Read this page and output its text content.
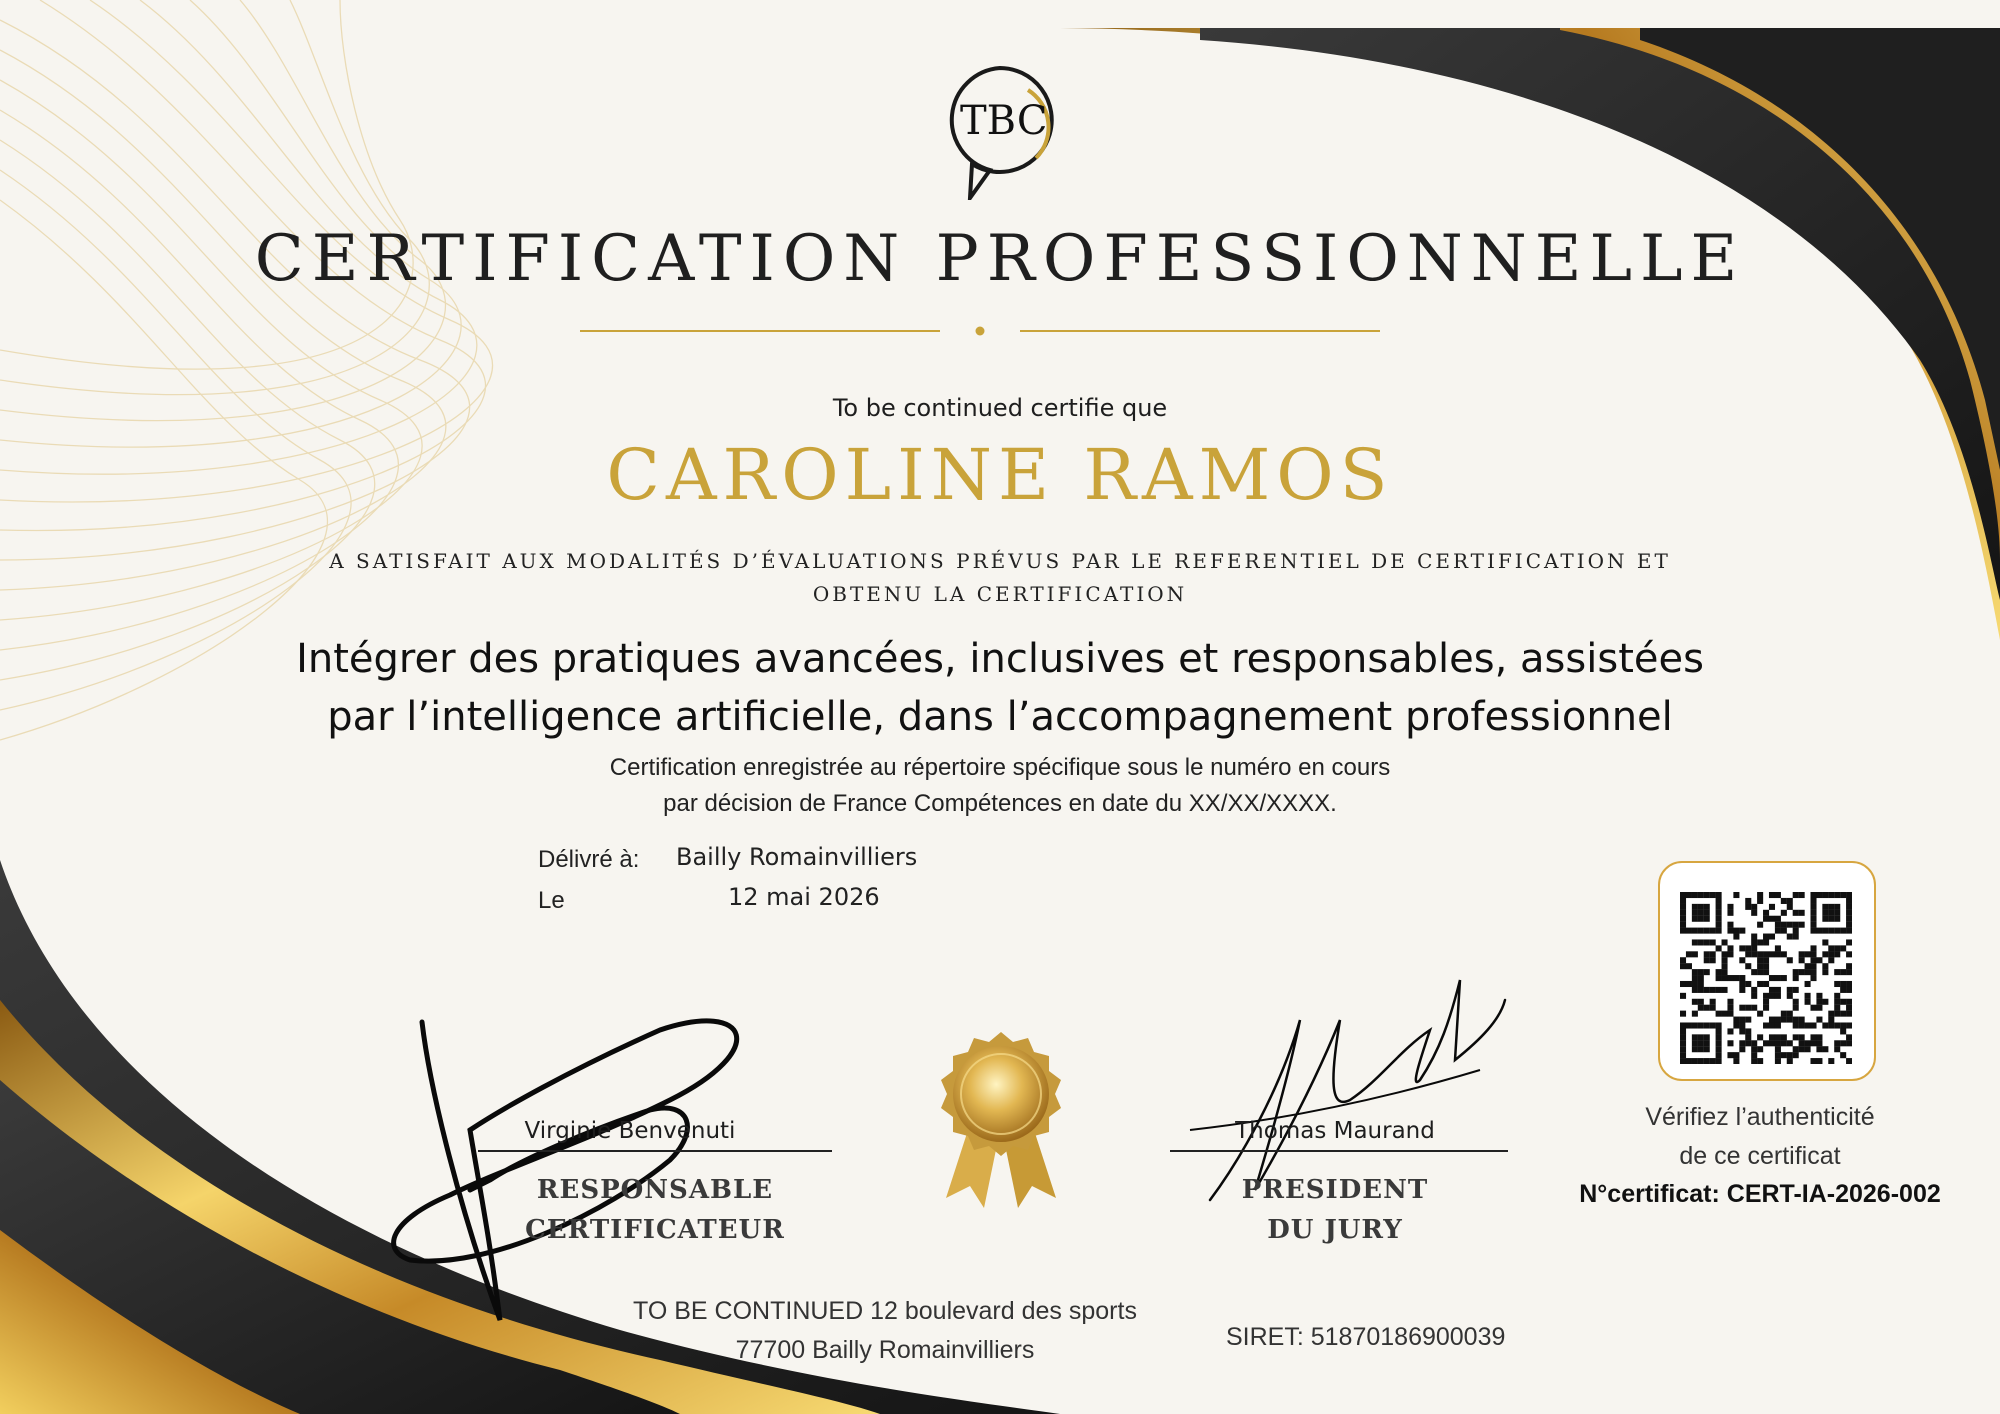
TBC
CERTIFICATION PROFESSIONNELLE
To be continued certifie que
CAROLINE RAMOS
A SATISFAIT AUX MODALITÉS D’ÉVALUATIONS PRÉVUS PAR LE REFERENTIEL DE CERTIFICATION ET OBTENU LA CERTIFICATION
Intégrer des pratiques avancées, inclusives et responsables, assistées
par l’intelligence artificielle, dans l’accompagnement professionnel
Certification enregistrée au répertoire spécifique sous le numéro en cours
par décision de France Compétences en date du XX/XX/XXXX.
Délivré à: Bailly Romainvilliers
Le	12 mai 2026
Virginie Benvenuti
RESPONSABLE
CERTIFICATEUR
Thomas Maurand
PRESIDENT
DU JURY
Vérifiez l’authenticité
de ce certificat
N°certificat: CERT-IA-2026-002
TO BE CONTINUED 12 boulevard des sports
77700 Bailly Romainvilliers	SIRET: 51870186900039
